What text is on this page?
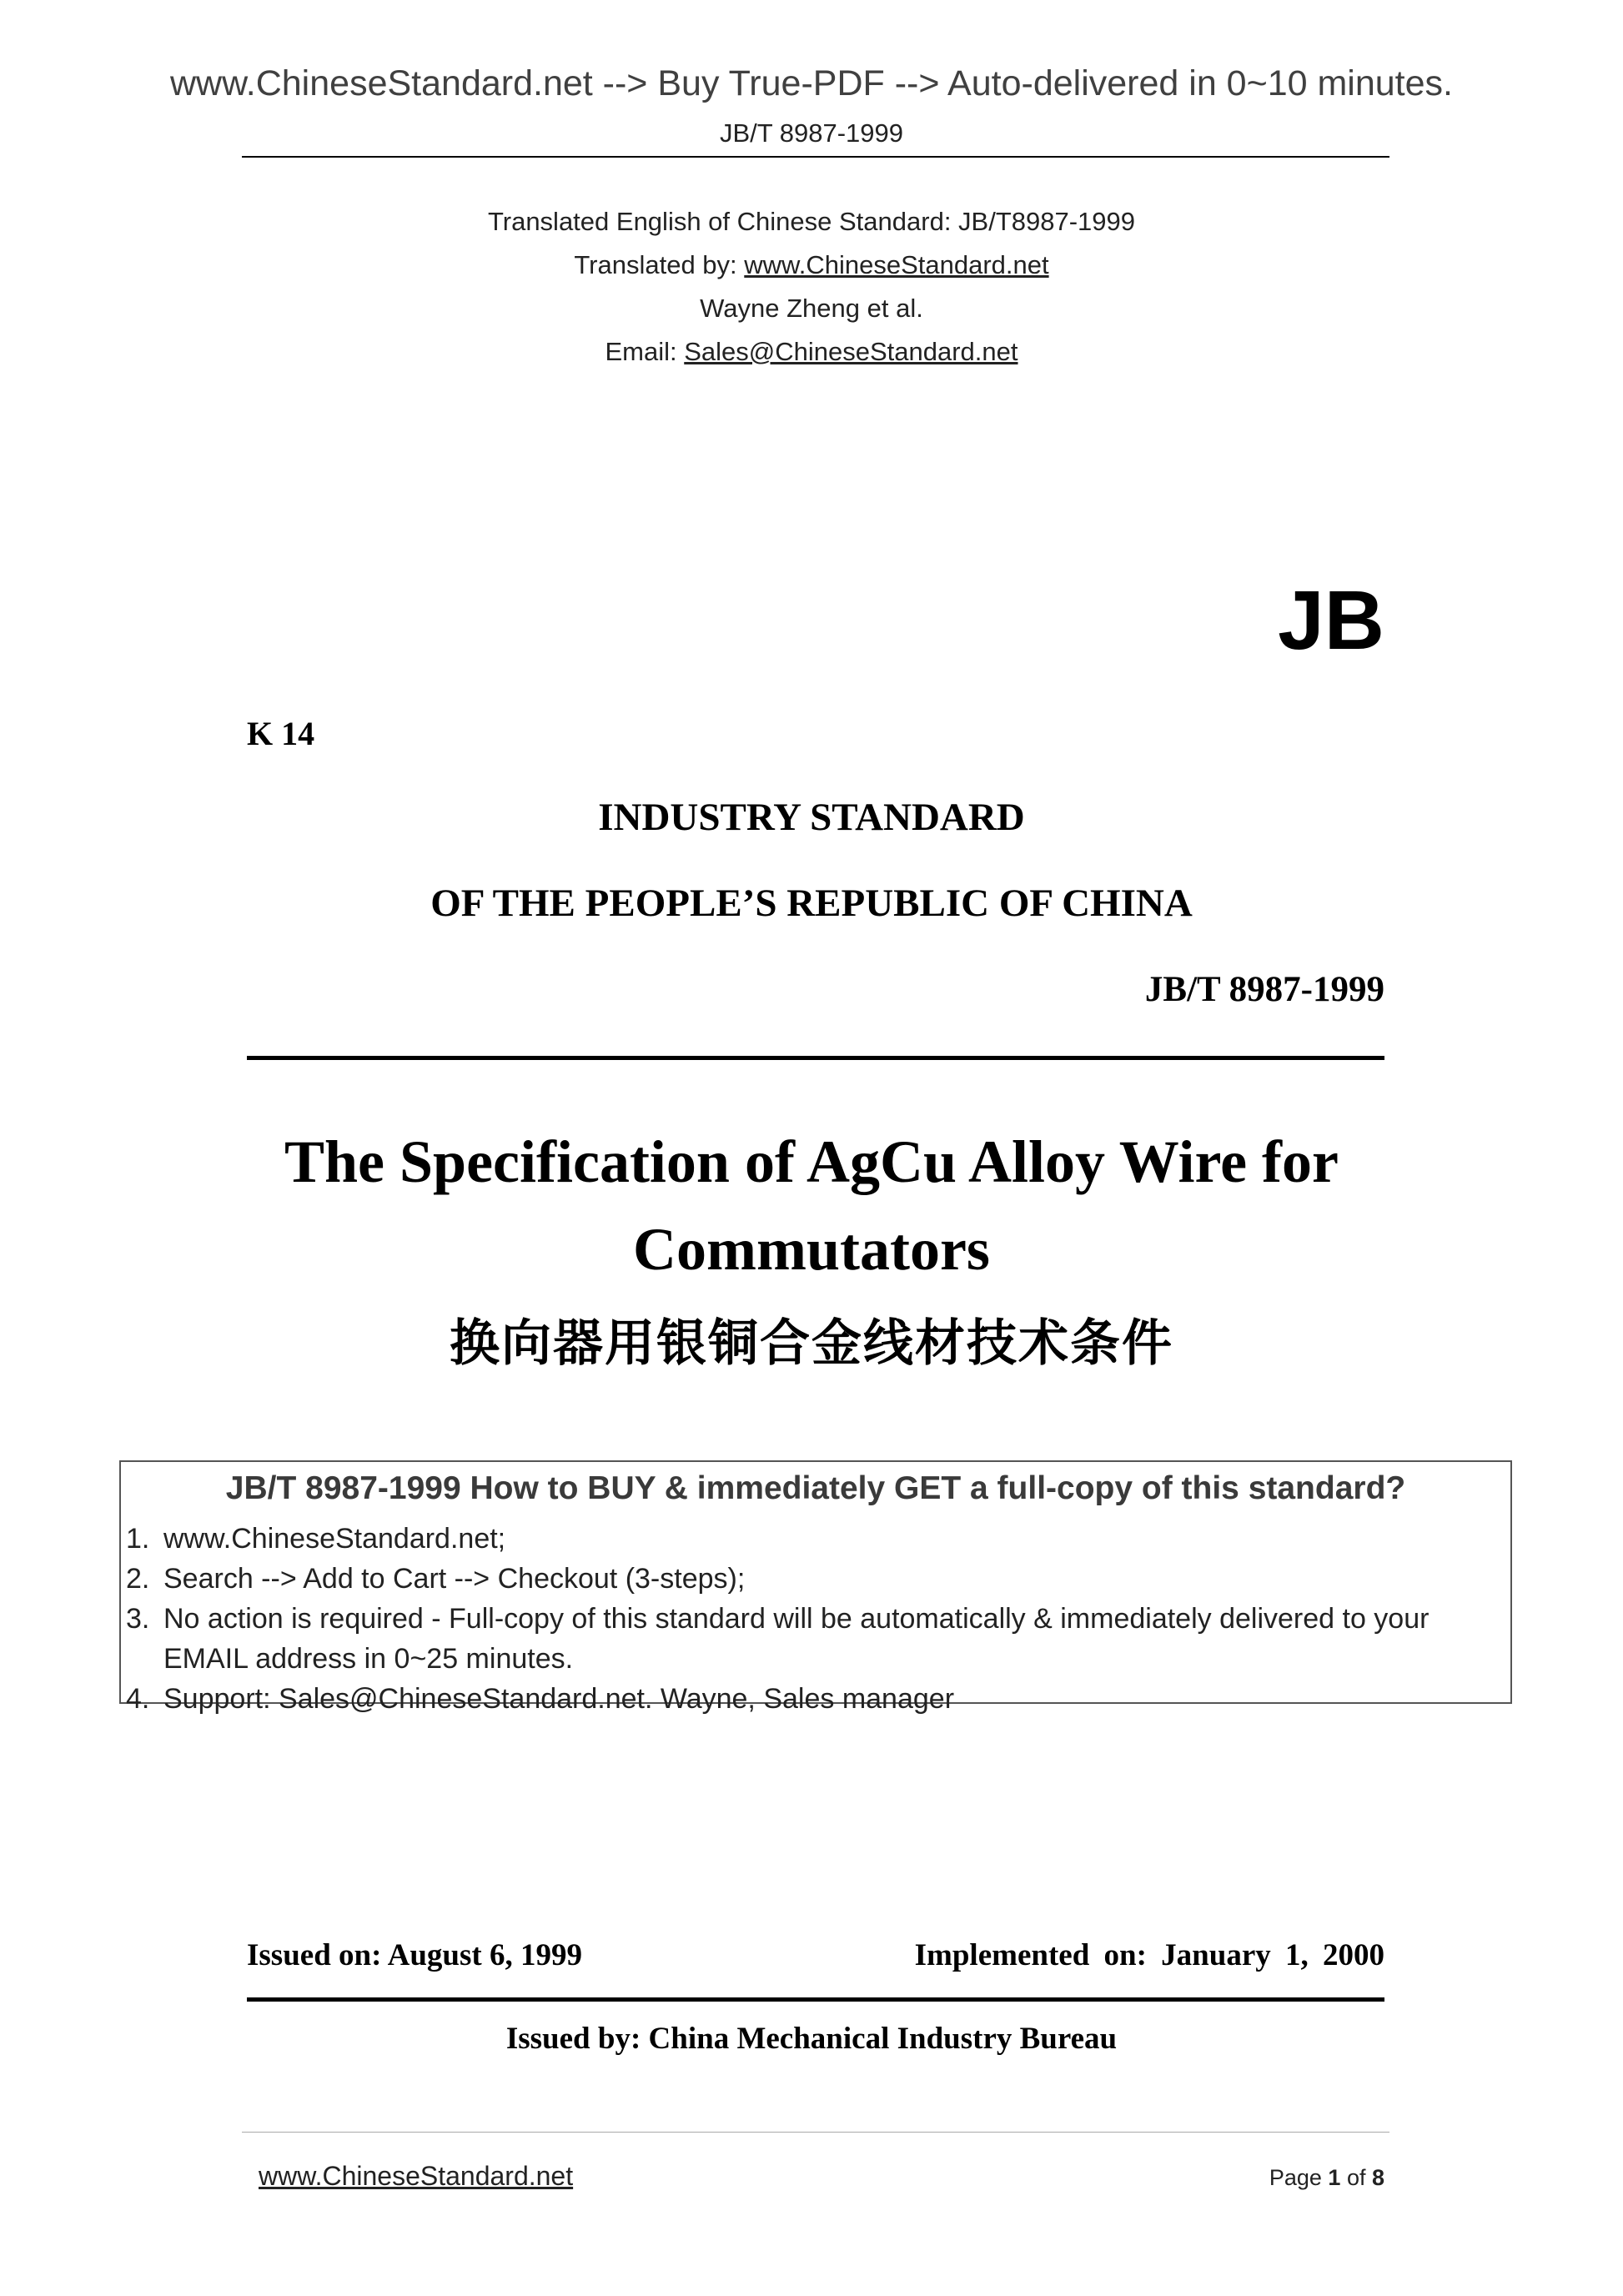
www.ChineseStandard.net --> Buy True-PDF --> Auto-delivered in 0~10 minutes.
JB/T 8987-1999
Translated English of Chinese Standard: JB/T8987-1999
Translated by: www.ChineseStandard.net
Wayne Zheng et al.
Email: Sales@ChineseStandard.net
JB
K 14
INDUSTRY STANDARD
OF THE PEOPLE’S REPUBLIC OF CHINA
JB/T 8987-1999
The Specification of AgCu Alloy Wire for
Commutators
换向器用银铜合金线材技术条件
JB/T 8987-1999 How to BUY & immediately GET a full-copy of this standard?
1. www.ChineseStandard.net;
2. Search --> Add to Cart --> Checkout (3-steps);
3. No action is required - Full-copy of this standard will be automatically & immediately delivered to your EMAIL address in 0~25 minutes.
4. Support: Sales@ChineseStandard.net. Wayne, Sales manager
Issued on: August 6, 1999	Implemented on: January 1, 2000
Issued by: China Mechanical Industry Bureau
www.ChineseStandard.net	Page 1 of 8
